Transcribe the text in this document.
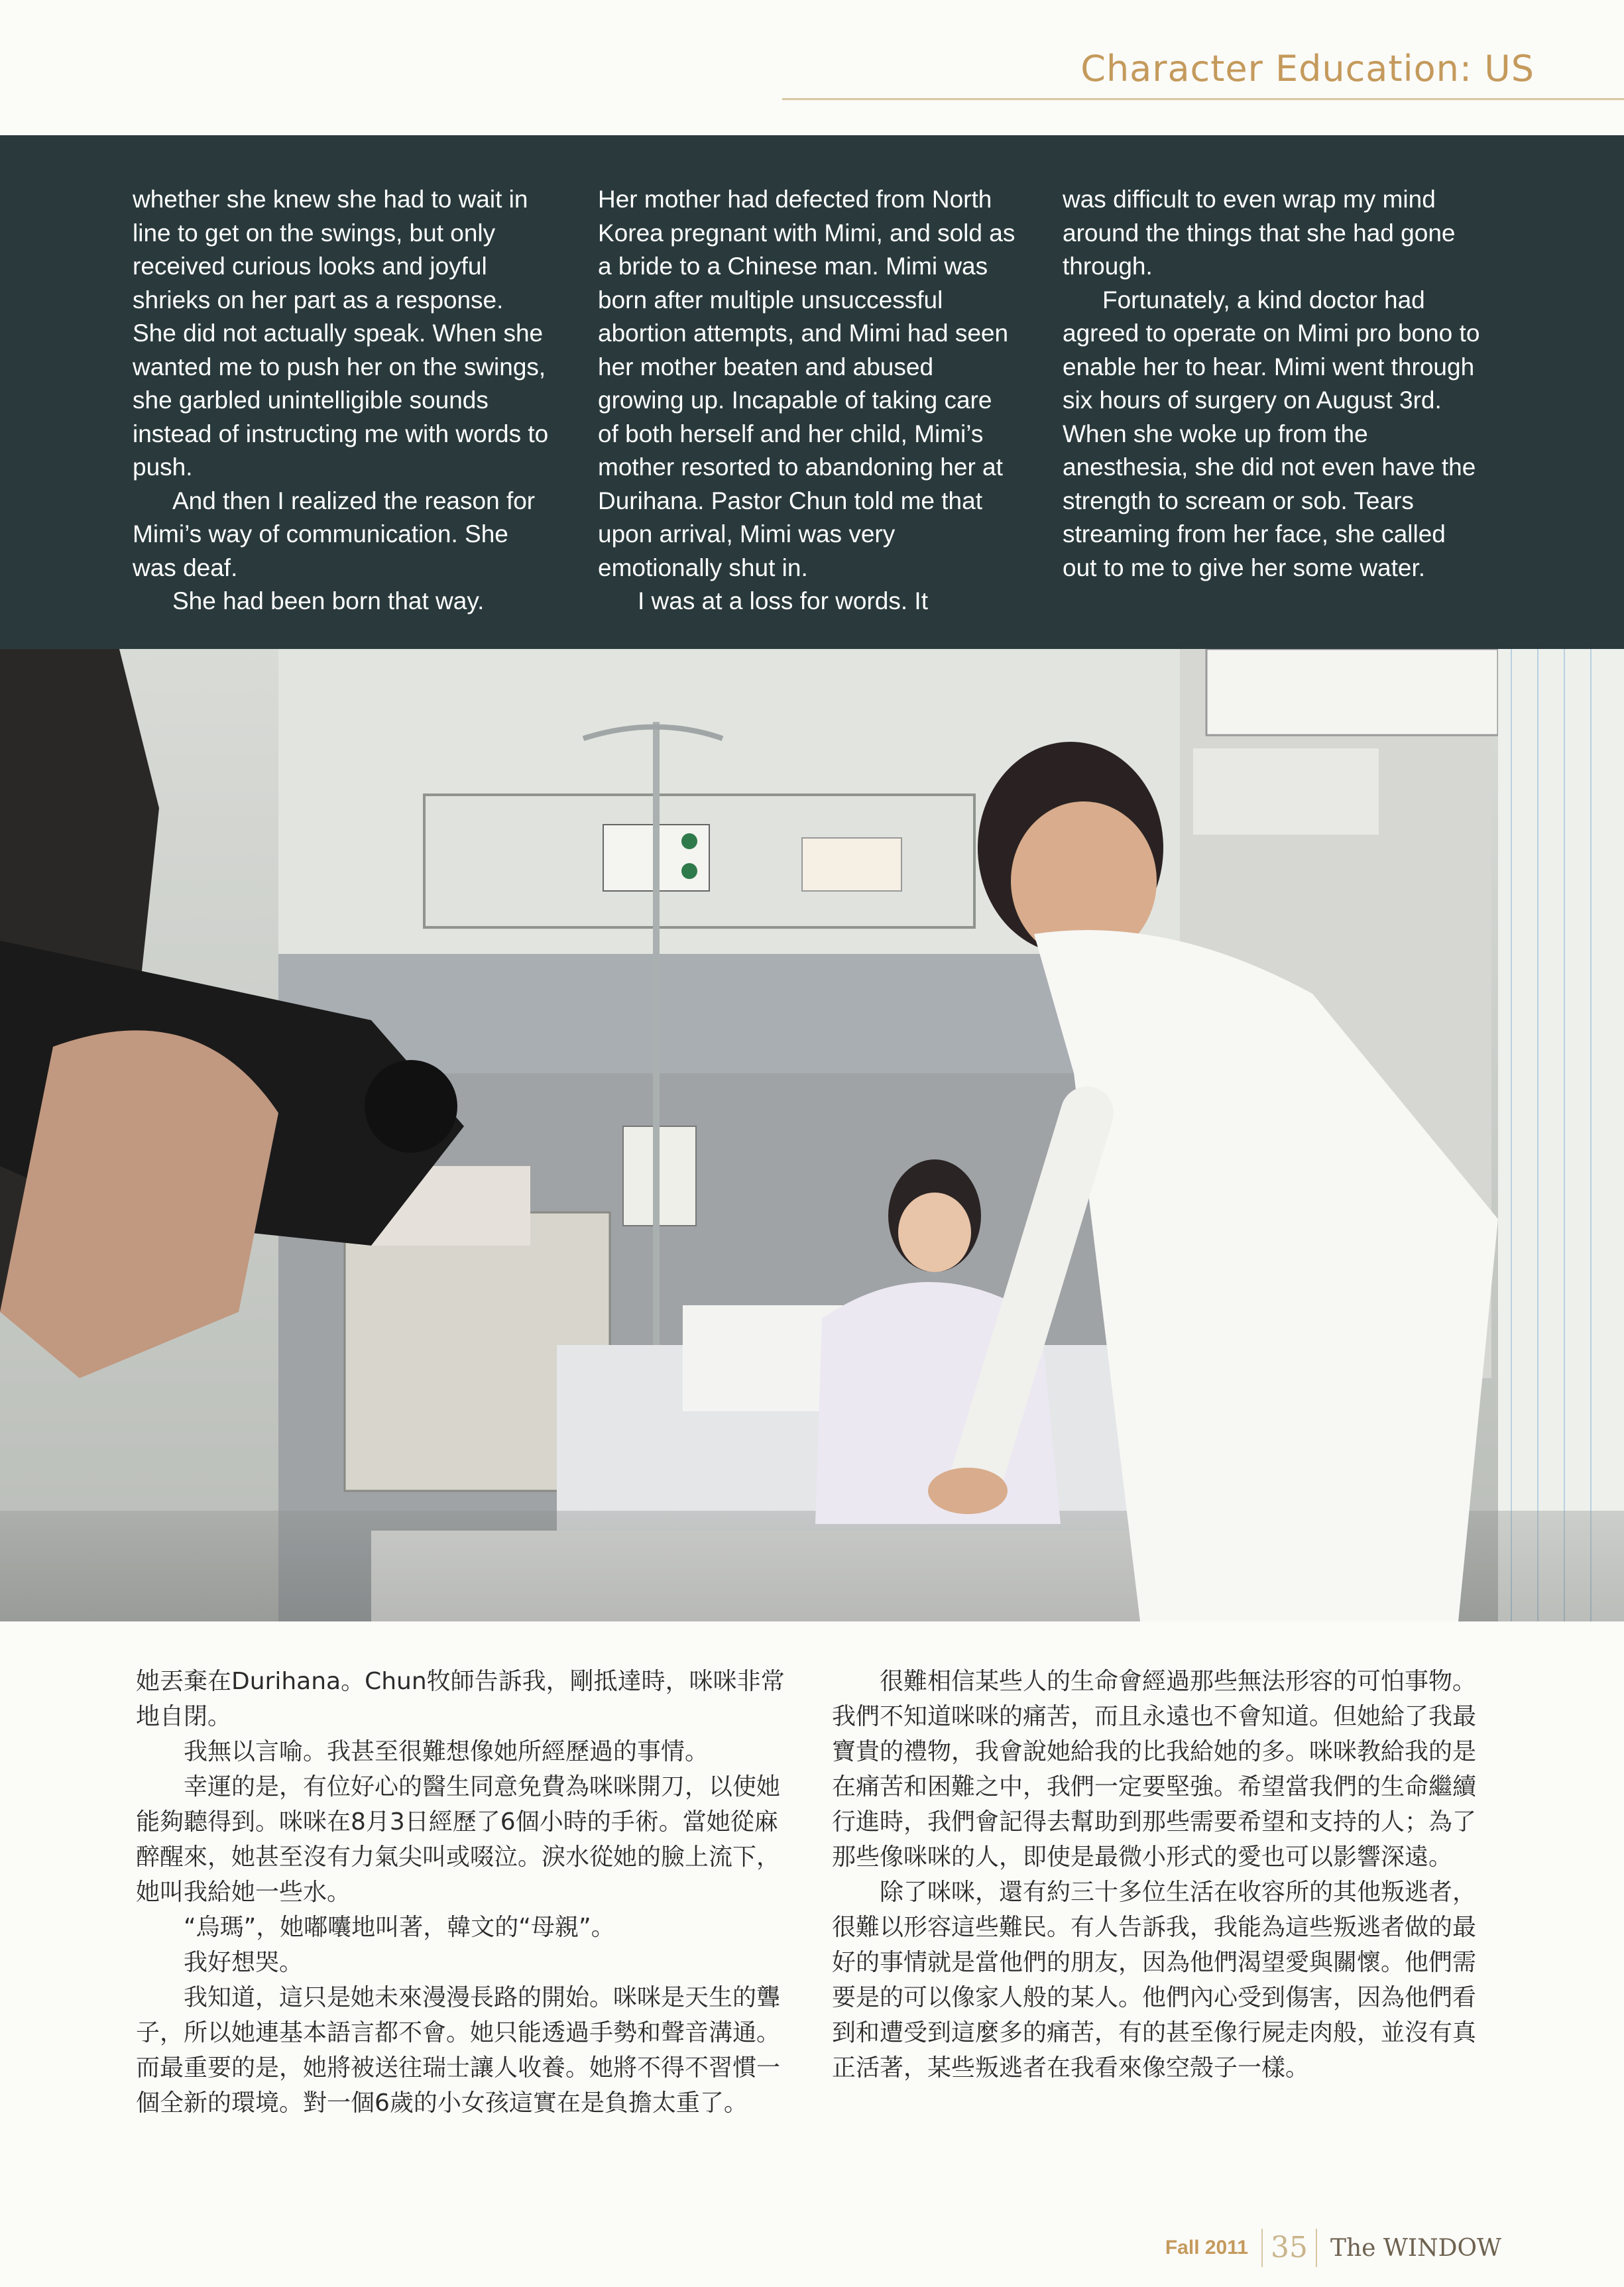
Character Education: US

whether she knew she had to wait in line to get on the swings, but only received curious looks and joyful shrieks on her part as a response. She did not actually speak. When she wanted me to push her on the swings, she garbled unintelligible sounds instead of instructing me with words to push.

And then I realized the reason for Mimi’s way of communication. She was deaf.

She had been born that way.

Her mother had defected from North Korea pregnant with Mimi, and sold as a bride to a Chinese man. Mimi was born after multiple unsuccessful abortion attempts, and Mimi had seen her mother beaten and abused growing up. Incapable of taking care of both herself and her child, Mimi’s mother resorted to abandoning her at Durihana. Pastor Chun told me that upon arrival, Mimi was very emotionally shut in.

I was at a loss for words. It

was difficult to even wrap my mind around the things that she had gone through.

Fortunately, a kind doctor had agreed to operate on Mimi pro bono to enable her to hear. Mimi went through six hours of surgery on August 3rd. When she woke up from the anesthesia, she did not even have the strength to scream or sob. Tears streaming from her face, she called out to me to give her some water.

她丟棄在Durihana。Chun牧師告訴我，剛抵達時，咪咪非常地自閉。

我無以言喻。我甚至很難想像她所經歷過的事情。

幸運的是，有位好心的醫生同意免費為咪咪開刀，以使她能夠聽得到。咪咪在8月3日經歷了6個小時的手術。當她從麻醉醒來，她甚至沒有力氣尖叫或啜泣。淚水從她的臉上流下，她叫我給她一些水。

“烏瑪”，她嘟囔地叫著，韓文的“母親”。

我好想哭。

我知道，這只是她未來漫漫長路的開始。咪咪是天生的聾子，所以她連基本語言都不會。她只能透過手勢和聲音溝通。而最重要的是，她將被送往瑞士讓人收養。她將不得不習慣一個全新的環境。對一個6歲的小女孩這實在是負擔太重了。

很難相信某些人的生命會經過那些無法形容的可怕事物。我們不知道咪咪的痛苦，而且永遠也不會知道。但她給了我最寶貴的禮物，我會說她給我的比我給她的多。咪咪教給我的是在痛苦和困難之中，我們一定要堅強。希望當我們的生命繼續行進時，我們會記得去幫助到那些需要希望和支持的人；為了那些像咪咪的人，即使是最微小形式的愛也可以影響深遠。

除了咪咪，還有約三十多位生活在收容所的其他叛逃者，很難以形容這些難民。有人告訴我，我能為這些叛逃者做的最好的事情就是當他們的朋友，因為他們渴望愛與關懷。他們需要是的可以像家人般的某人。他們內心受到傷害，因為他們看到和遭受到這麼多的痛苦，有的甚至像行屍走肉般，並沒有真正活著，某些叛逃者在我看來像空殼子一樣。

Fall 2011 35 The WINDOW
